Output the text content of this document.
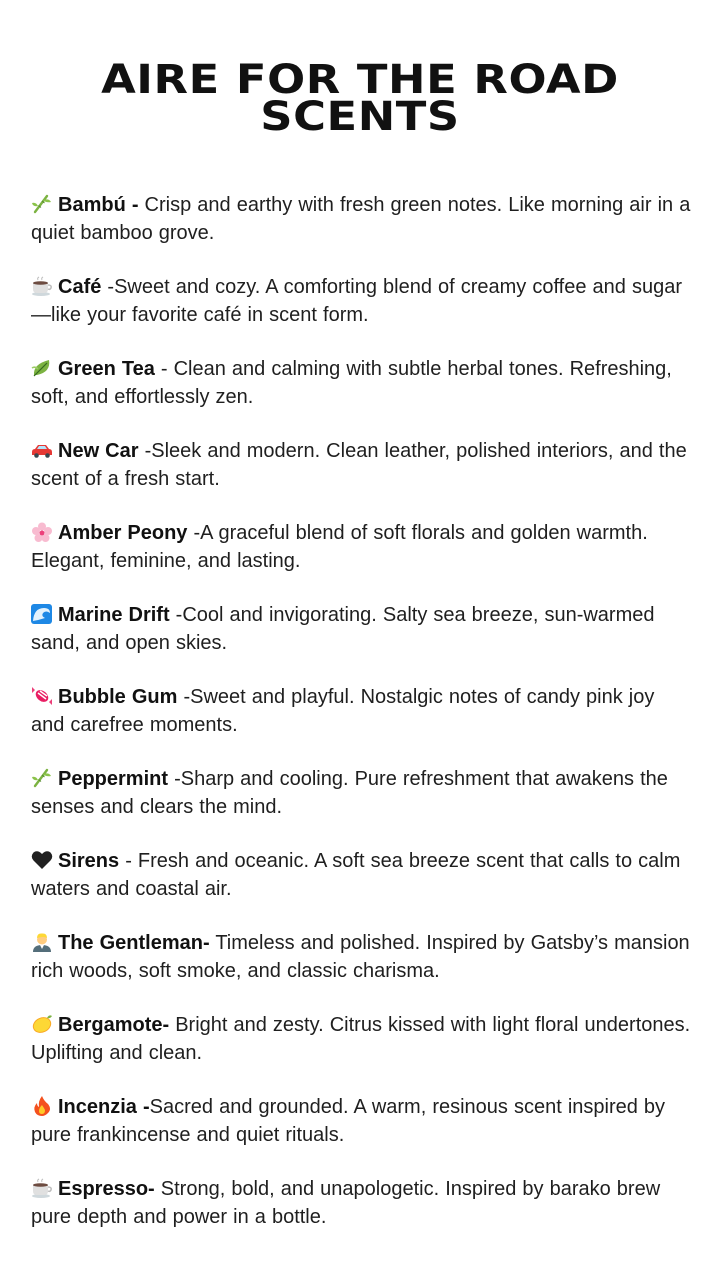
AIRE FOR THE ROAD
SCENTS
Bambú - Crisp and earthy with fresh green notes. Like morning air in a quiet bamboo grove.
Café -Sweet and cozy. A comforting blend of creamy coffee and sugar—like your favorite café in scent form.
Green Tea - Clean and calming with subtle herbal tones. Refreshing, soft, and effortlessly zen.
New Car -Sleek and modern. Clean leather, polished interiors, and the scent of a fresh start.
Amber Peony -A graceful blend of soft florals and golden warmth. Elegant, feminine, and lasting.
Marine Drift -Cool and invigorating. Salty sea breeze, sun-warmed sand, and open skies.
Bubble Gum -Sweet and playful. Nostalgic notes of candy pink joy and carefree moments.
Peppermint -Sharp and cooling. Pure refreshment that awakens the senses and clears the mind.
Sirens - Fresh and oceanic. A soft sea breeze scent that calls to calm waters and coastal air.
The Gentleman- Timeless and polished. Inspired by Gatsby’s mansion rich woods, soft smoke, and classic charisma.
Bergamote- Bright and zesty. Citrus kissed with light floral undertones. Uplifting and clean.
Incenzia -Sacred and grounded. A warm, resinous scent inspired by pure frankincense and quiet rituals.
Espresso- Strong, bold, and unapologetic. Inspired by barako brew pure depth and power in a bottle.
